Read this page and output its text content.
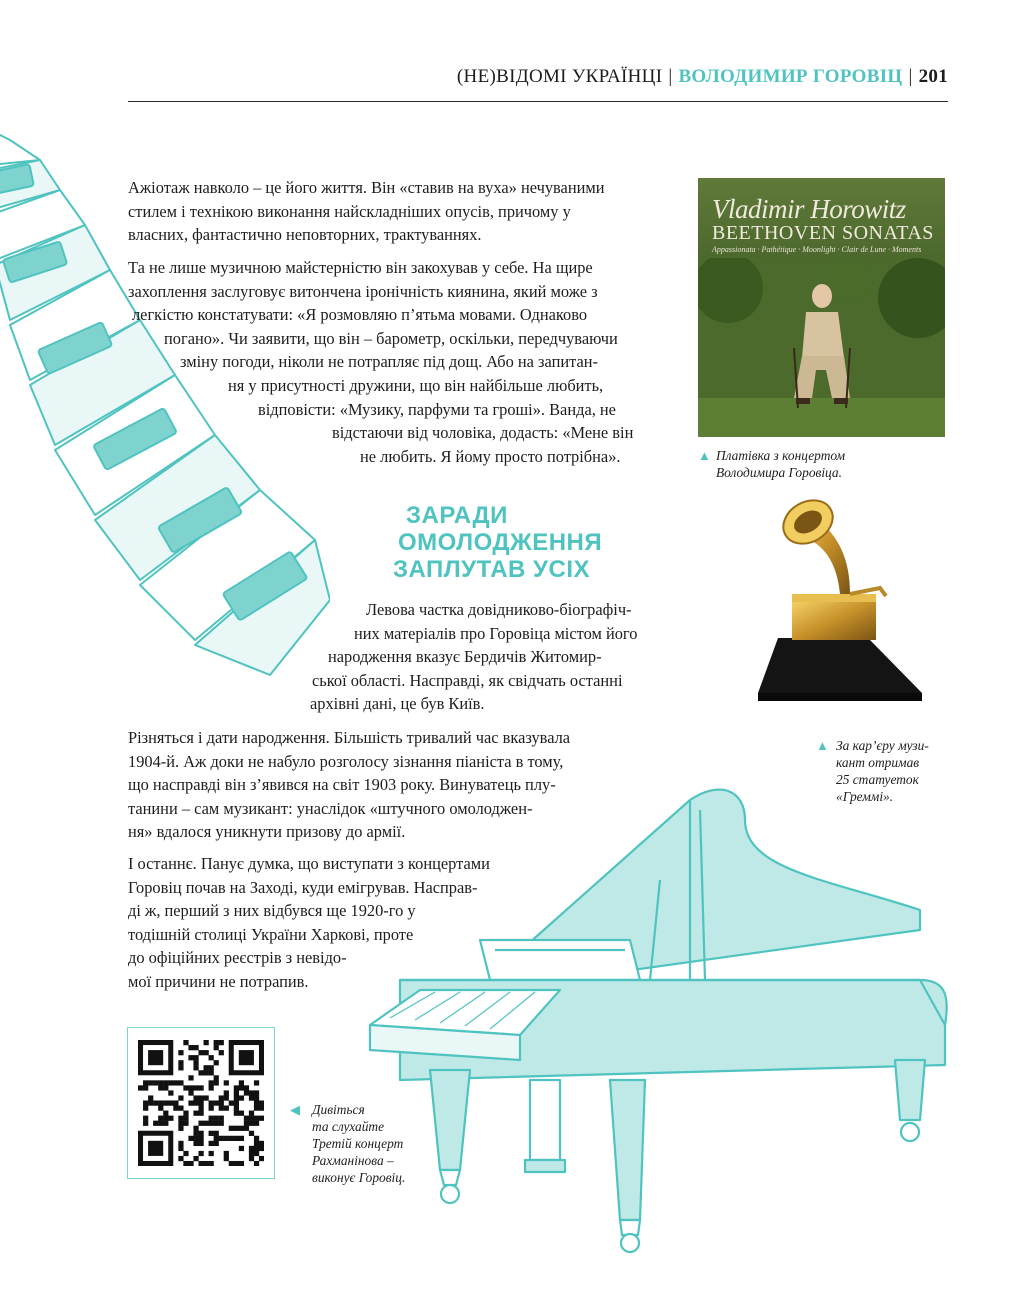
(НЕ)ВІДОМІ УКРАЇНЦІ | ВОЛОДИМИР ГОРОВІЦ | 201
Ажіотаж навколо – це його життя. Він «ставив на вуха» нечуваними
стилем і технікою виконання найскладніших опусів, причому у
власних, фантастично неповторних, трактуваннях.
Та не лише музичною майстерністю він закохував у себе. На щире
захоплення заслуговує витончена іронічність киянина, який може з
легкістю констатувати: «Я розмовляю п’ятьма мовами. Однаково
погано». Чи заявити, що він – барометр, оскільки, передчуваючи
зміну погоди, ніколи не потрапляє під дощ. Або на запитан-
ня у присутності дружини, що він найбільше любить,
відповісти: «Музику, парфуми та гроші». Ванда, не
відстаючи від чоловіка, додасть: «Мене він
не любить. Я йому просто потрібна».
Vladimir Horowitz
BEETHOVEN SONATAS
Appassionata · Pathétique · Moonlight · Clair de Lune · Moments
▲ Платівка з концертом
Володимира Горовіца.
▲ За кар’єру музи-
кант отримав
25 статуеток
«Греммі».
ЗАРАДИ
ОМОЛОДЖЕННЯ
ЗАПЛУТАВ УСІХ
Левова частка довідниково-біографіч-
них матеріалів про Горовіца містом його
народження вказує Бердичів Житомир-
ської області. Насправді, як свідчать останні
архівні дані, це був Київ.
Різняться і дати народження. Більшість тривалий час вказувала
1904-й. Аж доки не набуло розголосу зізнання піаніста в тому,
що насправді він з’явився на світ 1903 року. Винуватець плу-
танини – сам музикант: унаслідок «штучного омолоджен-
ня» вдалося уникнути призову до армії.
І останнє. Панує думка, що виступати з концертами
Горовіц почав на Заході, куди емігрував. Насправ-
ді ж, перший з них відбувся ще 1920-го у
тодішній столиці України Харкові, проте
до офіційних реєстрів з невідо-
мої причини не потрапив.
◀ Дивіться
та слухайте
Третій концерт
Рахманінова –
виконує Горовіц.
